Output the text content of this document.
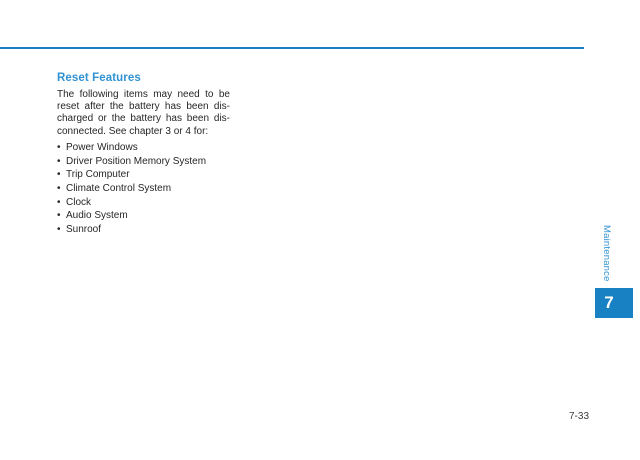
Reset Features

The following items may need to be

reset after the battery has been dis-

charged or the battery has been dis-

connected. See chapter 3 or 4 for:

• Power Windows
• Driver Position Memory System
• Trip Computer
• Climate Control System
• Clock
• Audio System
• Sunroof	Maintenance
7
7-33
